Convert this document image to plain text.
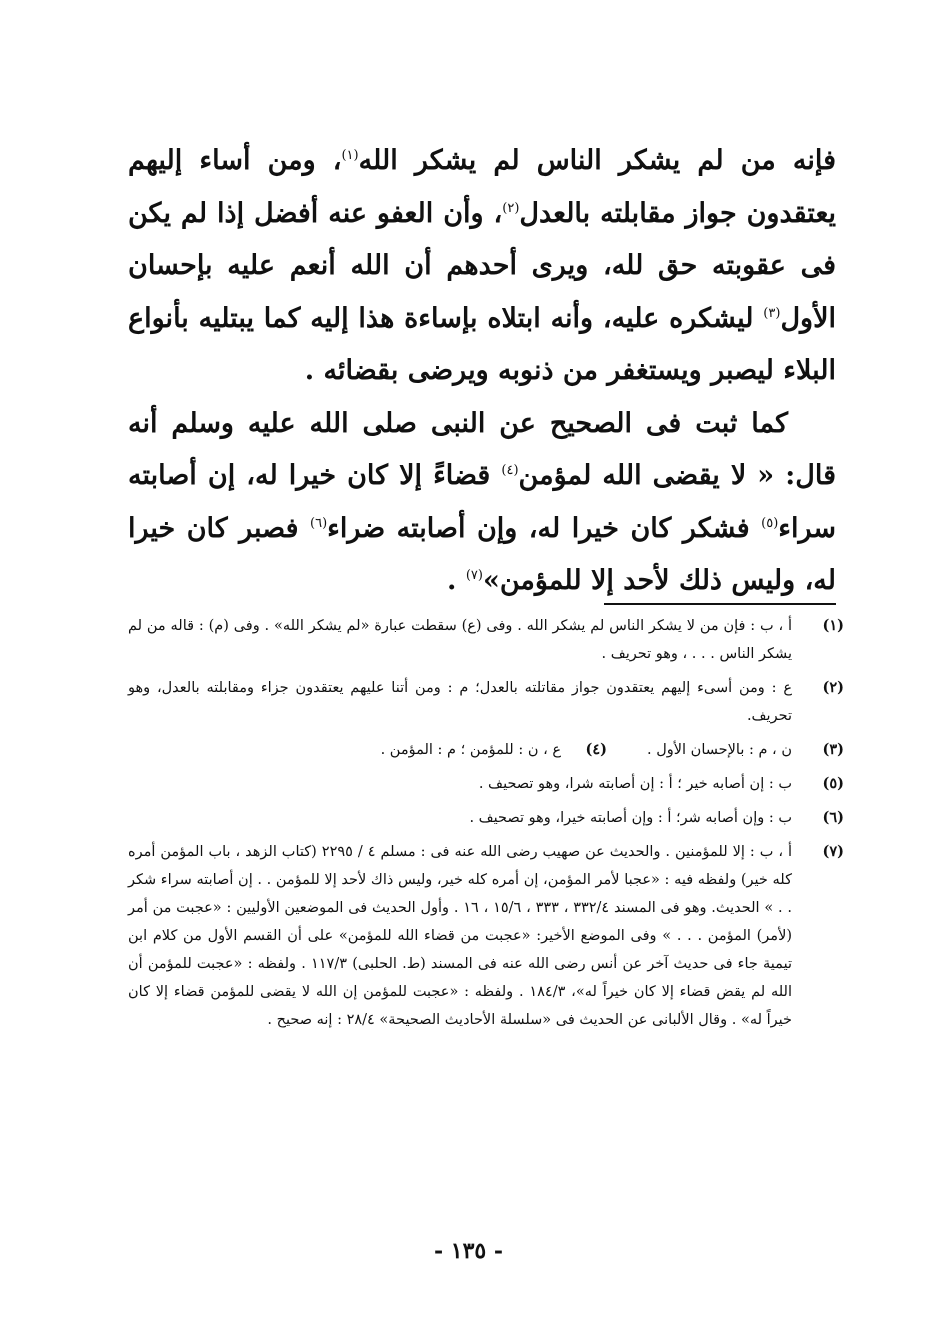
فإنه من لم يشكر الناس لم يشكر الله$^{(١)}$، ومن أساء إليهم يعتقدون جواز مقابلته بالعدل$^{(٢)}$، وأن العفو عنه أفضل إذا لم يكن فى عقوبته حق لله، ويرى أحدهم أن الله أنعم عليه بإحسان الأول$^{(٣)}$ ليشكره عليه، وأنه ابتلاه بإساءة هذا إليه كما يبتليه بأنواع البلاء ليصبر ويستغفر من ذنوبه ويرضى بقضائه .

كما ثبت فى الصحيح عن النبى صلى الله عليه وسلم أنه قال: « لا يقضى الله لمؤمن$^{(٤)}$ قضاءً إلا كان خيرا له، إن أصابته سراء$^{(٥)}$ فشكر كان خيرا له، وإن أصابته ضراء$^{(٦)}$ فصبر كان خيرا له، وليس ذلك لأحد إلا للمؤمن»$^{(٧)}$ .

(١)
أ ، ب : فإن من لا يشكر الناس لم يشكر الله . وفى (ع) سقطت عبارة «لم يشكر الله» . وفى (م) : قاله من لم يشكر الناس . . . ، وهو تحريف .
(٢)
ع : ومن أسىء إليهم يعتقدون جواز مقاتلته بالعدل؛ م : ومن أتنا عليهم يعتقدون جزاء ومقابلته بالعدل، وهو تحريف.
(٣)
ن ، م : بالإحسان الأول .
(٤)
ع ، ن : للمؤمن ؛ م : المؤمن .
(٥)
ب : إن أصابه خير ؛ أ : إن أصابته شرا، وهو تصحيف .
(٦)
ب : وإن أصابه شر؛ أ : وإن أصابته خيرا، وهو تصحيف .
(٧)
أ ، ب : إلا للمؤمنين . والحديث عن صهيب رضى الله عنه فى : مسلم ٤ / ٢٢٩٥ (كتاب الزهد ، باب المؤمن أمره كله خير) ولفظه فيه : «عجبا لأمر المؤمن، إن أمره كله خير، وليس ذاك لأحد إلا للمؤمن . . إن أصابته سراء شكر . . » الحديث. وهو فى المسند ٣٣٢/٤ ، ٣٣٣ ، ١٥/٦ ، ١٦ . وأول الحديث فى الموضعين الأوليين : «عجبت من أمر (لأمر) المؤمن . . . » وفى الموضع الأخير: «عجبت من قضاء الله للمؤمن» على أن القسم الأول من كلام ابن تيمية جاء فى حديث آخر عن أنس رضى الله عنه فى المسند (ط. الحلبى) ١١٧/٣ . ولفظه : «عجبت للمؤمن أن الله لم يقض قضاء إلا كان خيراً له»، ١٨٤/٣ . ولفظه : «عجبت للمؤمن إن الله لا يقضى للمؤمن قضاء إلا كان خيراً له» . وقال الألبانى عن الحديث فى «سلسلة الأحاديث الصحيحة» ٢٨/٤ : إنه صحيح .
- ١٣٥ -
